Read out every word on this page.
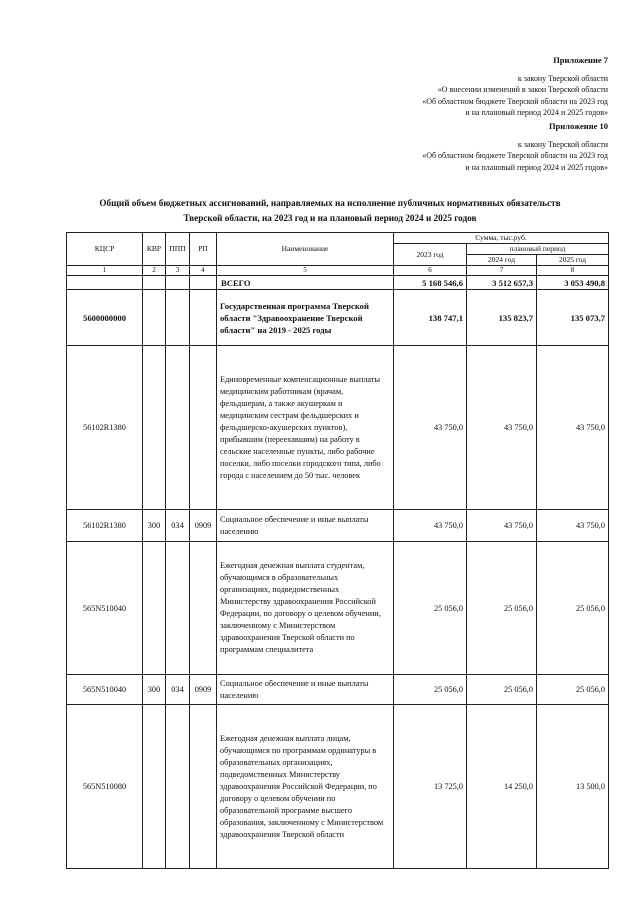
Приложение 7
к закону Тверской области
«О внесении изменений в закон Тверской области
«Об областном бюджете Тверской области на 2023 год
и на плановый период 2024 и 2025 годов»
Приложение 10
к закону Тверской области
«Об областном бюджете Тверской области на 2023 год
и на плановый период 2024 и 2025 годов»
Общий объем бюджетных ассигнований, направляемых на исполнение публичных нормативных обязательств
Тверской области, на 2023 год и на плановый период 2024 и 2025 годов
КЦСР	КВР	ППП	РП	Наименование	Сумма, тыс.руб.		
					2023 год	плановый период	
						2024 год	2025 год
1	2	3	4	5	6	7	8
				ВСЕГО	5 168 546,6	3 512 657,3	3 053 490,8
5600000000				Государственная программа Тверской области "Здравоохранение Тверской области" на 2019 - 2025 годы	138 747,1	135 823,7	135 073,7
56102R1380				Единовременные компенсационные выплаты медицинским работникам (врачам, фельдшерам, а также акушеркам и медицинским сестрам фельдшерских и фельдшерско-акушерских пунктов), прибывшим (переехавшим) на работу в сельские населенные пункты, либо рабочие поселки, либо поселки городского типа, либо города с населением до 50 тыс. человек	43 750,0	43 750,0	43 750,0
56102R1380	300	034	0909	Социальное обеспечение и иные выплаты населению	43 750,0	43 750,0	43 750,0
565N510040				Ежегодная денежная выплата студентам, обучающимся в образовательных организациях, подведомственных Министерству здравоохранения Российской Федерации, по договору о целевом обучении, заключенному с Министерством здравоохранения Тверской области по программам специалитета	25 056,0	25 056,0	25 056,0
565N510040	300	034	0909	Социальное обеспечение и иные выплаты населению	25 056,0	25 056,0	25 056,0
565N510080				Ежегодная денежная выплата лицам, обучающимся по программам ординатуры в образовательных организациях, подведомственных Министерству здравоохранения Российской Федерации, по договору о целевом обучении по образовательной программе высшего образования, заключенному с Министерством здравоохранения Тверской области	13 725,0	14 250,0	13 500,0
